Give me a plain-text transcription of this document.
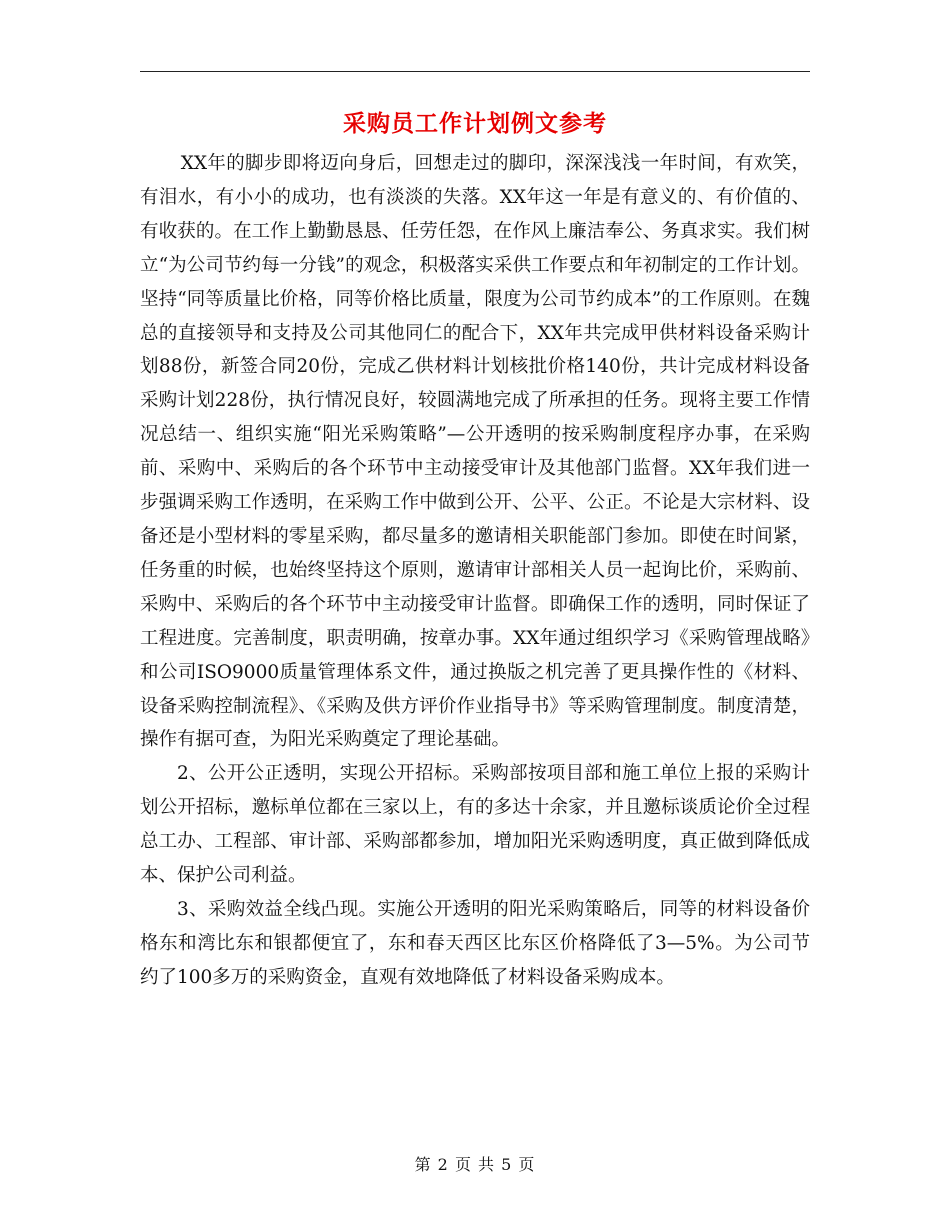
采购员工作计划例文参考

XX年的脚步即将迈向身后，回想走过的脚印，深深浅浅一年时间，有欢笑，有泪水，有小小的成功，也有淡淡的失落。XX年这一年是有意义的、有价值的、有收获的。在工作上勤勤恳恳、任劳任怨，在作风上廉洁奉公、务真求实。我们树立“为公司节约每一分钱”的观念，积极落实采供工作要点和年初制定的工作计划。坚持“同等质量比价格，同等价格比质量，限度为公司节约成本”的工作原则。在魏总的直接领导和支持及公司其他同仁的配合下，XX年共完成甲供材料设备采购计划88份，新签合同20份，完成乙供材料计划核批价格140份，共计完成材料设备采购计划228份，执行情况良好，较圆满地完成了所承担的任务。现将主要工作情况总结一、组织实施“阳光采购策略”—公开透明的按采购制度程序办事，在采购前、采购中、采购后的各个环节中主动接受审计及其他部门监督。XX年我们进一步强调采购工作透明，在采购工作中做到公开、公平、公正。不论是大宗材料、设备还是小型材料的零星采购，都尽量多的邀请相关职能部门参加。即使在时间紧，任务重的时候，也始终坚持这个原则，邀请审计部相关人员一起询比价，采购前、采购中、采购后的各个环节中主动接受审计监督。即确保工作的透明，同时保证了工程进度。完善制度，职责明确，按章办事。XX年通过组织学习《采购管理战略》和公司ISO9000质量管理体系文件，通过换版之机完善了更具操作性的《材料、设备采购控制流程》、《采购及供方评价作业指导书》等采购管理制度。制度清楚，操作有据可查，为阳光采购奠定了理论基础。

2、公开公正透明，实现公开招标。采购部按项目部和施工单位上报的采购计划公开招标，邀标单位都在三家以上，有的多达十余家，并且邀标谈质论价全过程总工办、工程部、审计部、采购部都参加，增加阳光采购透明度，真正做到降低成本、保护公司利益。

3、采购效益全线凸现。实施公开透明的阳光采购策略后，同等的材料设备价格东和湾比东和银都便宜了，东和春天西区比东区价格降低了3—5%。为公司节约了100多万的采购资金，直观有效地降低了材料设备采购成本。

第 2 页 共 5 页
